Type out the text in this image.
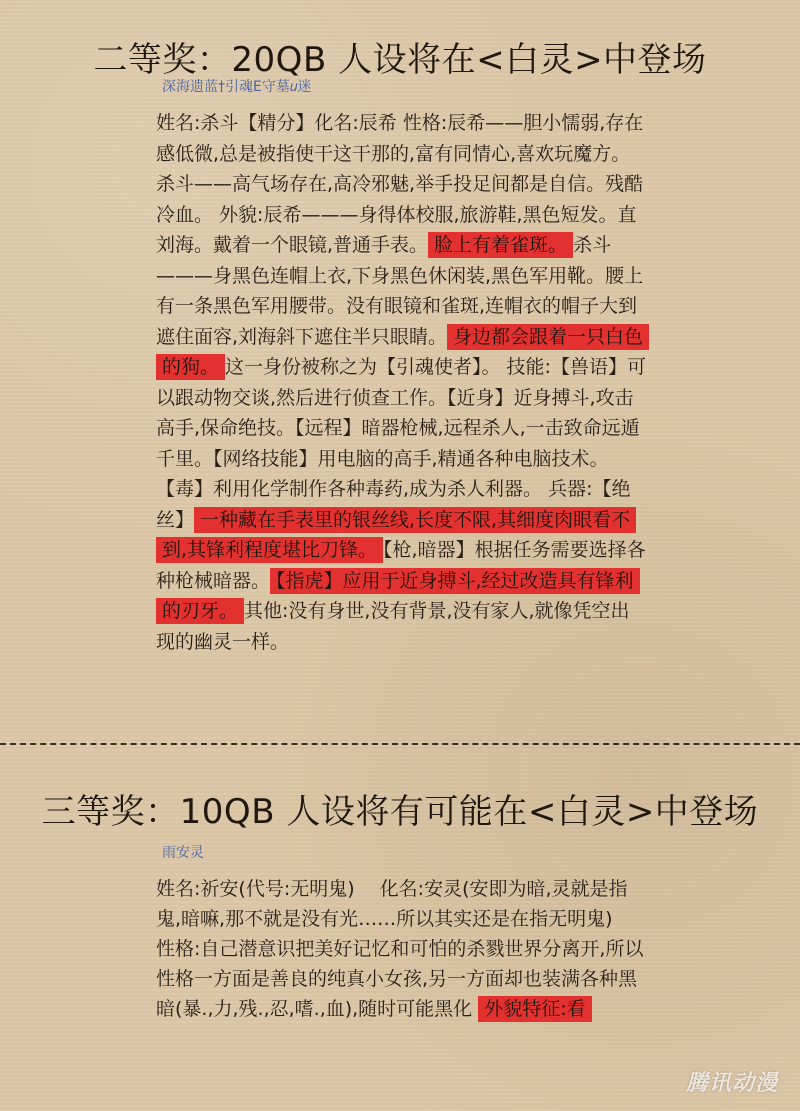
二等奖：20QB 人设将在<白灵>中登场
深海遗蓝†引魂E守墓𝑢迷
姓名:杀斗【精分】化名:辰希 性格:辰希——胆小懦弱,存在感低微,总是被指使干这干那的,富有同情心,喜欢玩魔方。杀斗——高气场存在,高冷邪魅,举手投足间都是自信。残酷冷血。 外貌:辰希———身得体校服,旅游鞋,黑色短发。直刘海。戴着一个眼镜,普通手表。 脸上有着雀斑。 杀斗———身黑色连帽上衣,下身黑色休闲装,黑色军用靴。腰上有一条黑色军用腰带。没有眼镜和雀斑,连帽衣的帽子大到遮住面容,刘海斜下遮住半只眼睛。 身边都会跟着一只白色的狗。 这一身份被称之为【引魂使者】。 技能:【兽语】可以跟动物交谈,然后进行侦查工作。【近身】近身搏斗,攻击高手,保命绝技。【远程】暗器枪械,远程杀人,一击致命远遁千里。【网络技能】用电脑的高手,精通各种电脑技术。【毒】利用化学制作各种毒药,成为杀人利器。 兵器:【绝丝】 一种藏在手表里的银丝线,长度不限,其细度肉眼看不到,其锋利程度堪比刀锋。 【枪,暗器】根据任务需要选择各种枪械暗器。 【指虎】应用于近身搏斗,经过改造具有锋利的刃牙。 其他:没有身世,没有背景,没有家人,就像凭空出现的幽灵一样。
三等奖：10QB 人设将有可能在<白灵>中登场
雨安灵
姓名:祈安(代号:无明鬼)　 化名:安灵(安即为暗,灵就是指鬼,暗嘛,那不就是没有光……所以其实还是在指无明鬼)　 性格:自己潜意识把美好记忆和可怕的杀戮世界分离开,所以性格一方面是善良的纯真小女孩,另一方面却也装满各种黑暗(暴.,力,残.,忍,嗜.,血),随时可能黑化 外貌特征:看
腾讯动漫
